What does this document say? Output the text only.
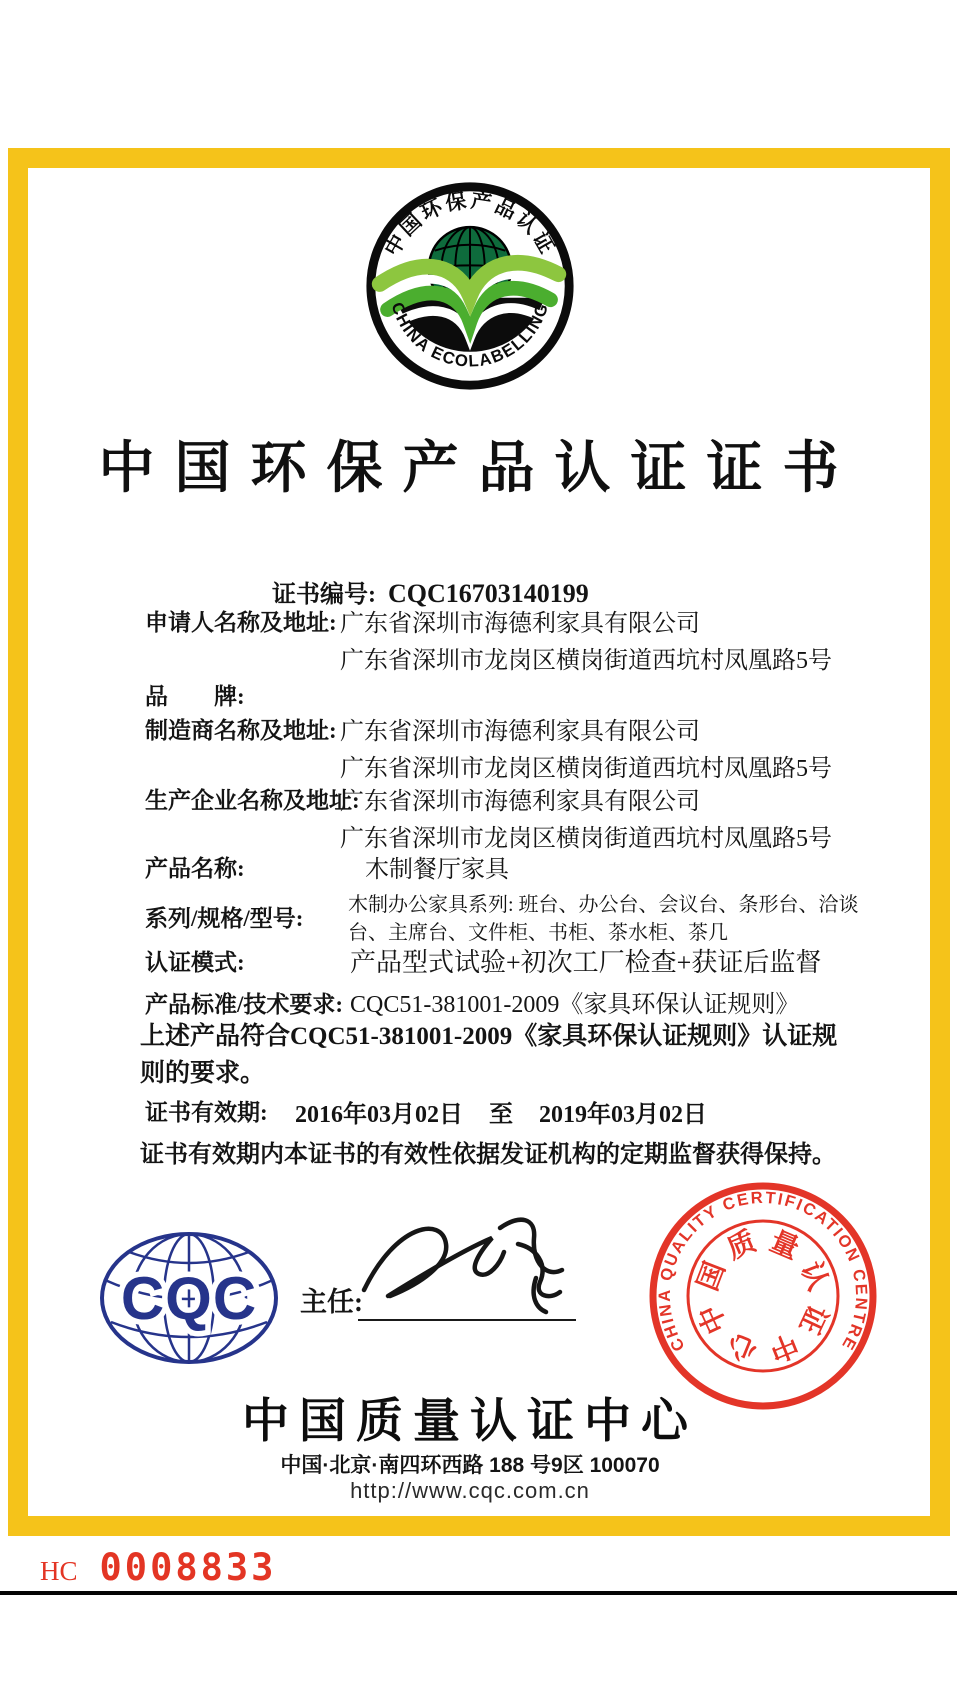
中国环保产品认证
CHINA ECOLABELLING
中国环保产品认证证书
证书编号: CQC16703140199
申请人名称及地址: 广东省深圳市海德利家具有限公司
广东省深圳市龙岗区横岗街道西坑村凤凰路5号
品　　牌:
制造商名称及地址: 广东省深圳市海德利家具有限公司
广东省深圳市龙岗区横岗街道西坑村凤凰路5号
生产企业名称及地址:
广东省深圳市海德利家具有限公司
广东省深圳市龙岗区横岗街道西坑村凤凰路5号
产品名称:	木制餐厅家具
系列/规格/型号:
木制办公家具系列: 班台、办公台、会议台、条形台、洽谈
台、主席台、文件柜、书柜、茶水柜、茶几
认证模式:	产品型式试验+初次工厂检查+获证后监督
产品标准/技术要求: CQC51-381001-2009《家具环保认证规则》
上述产品符合CQC51-381001-2009《家具环保认证规则》认证规则的要求。
证书有效期: 2016年03月02日 至 2019年03月02日
证书有效期内本证书的有效性依据发证机构的定期监督获得保持。
CQC 主任:
CHINA QUALITY CERTIFICATION CENTRE
中
国
质 量
认
证
中
心
中国质量认证中心
中国·北京·南四环西路 188 号9区 100070
http://www.cqc.com.cn
HC 0008833
